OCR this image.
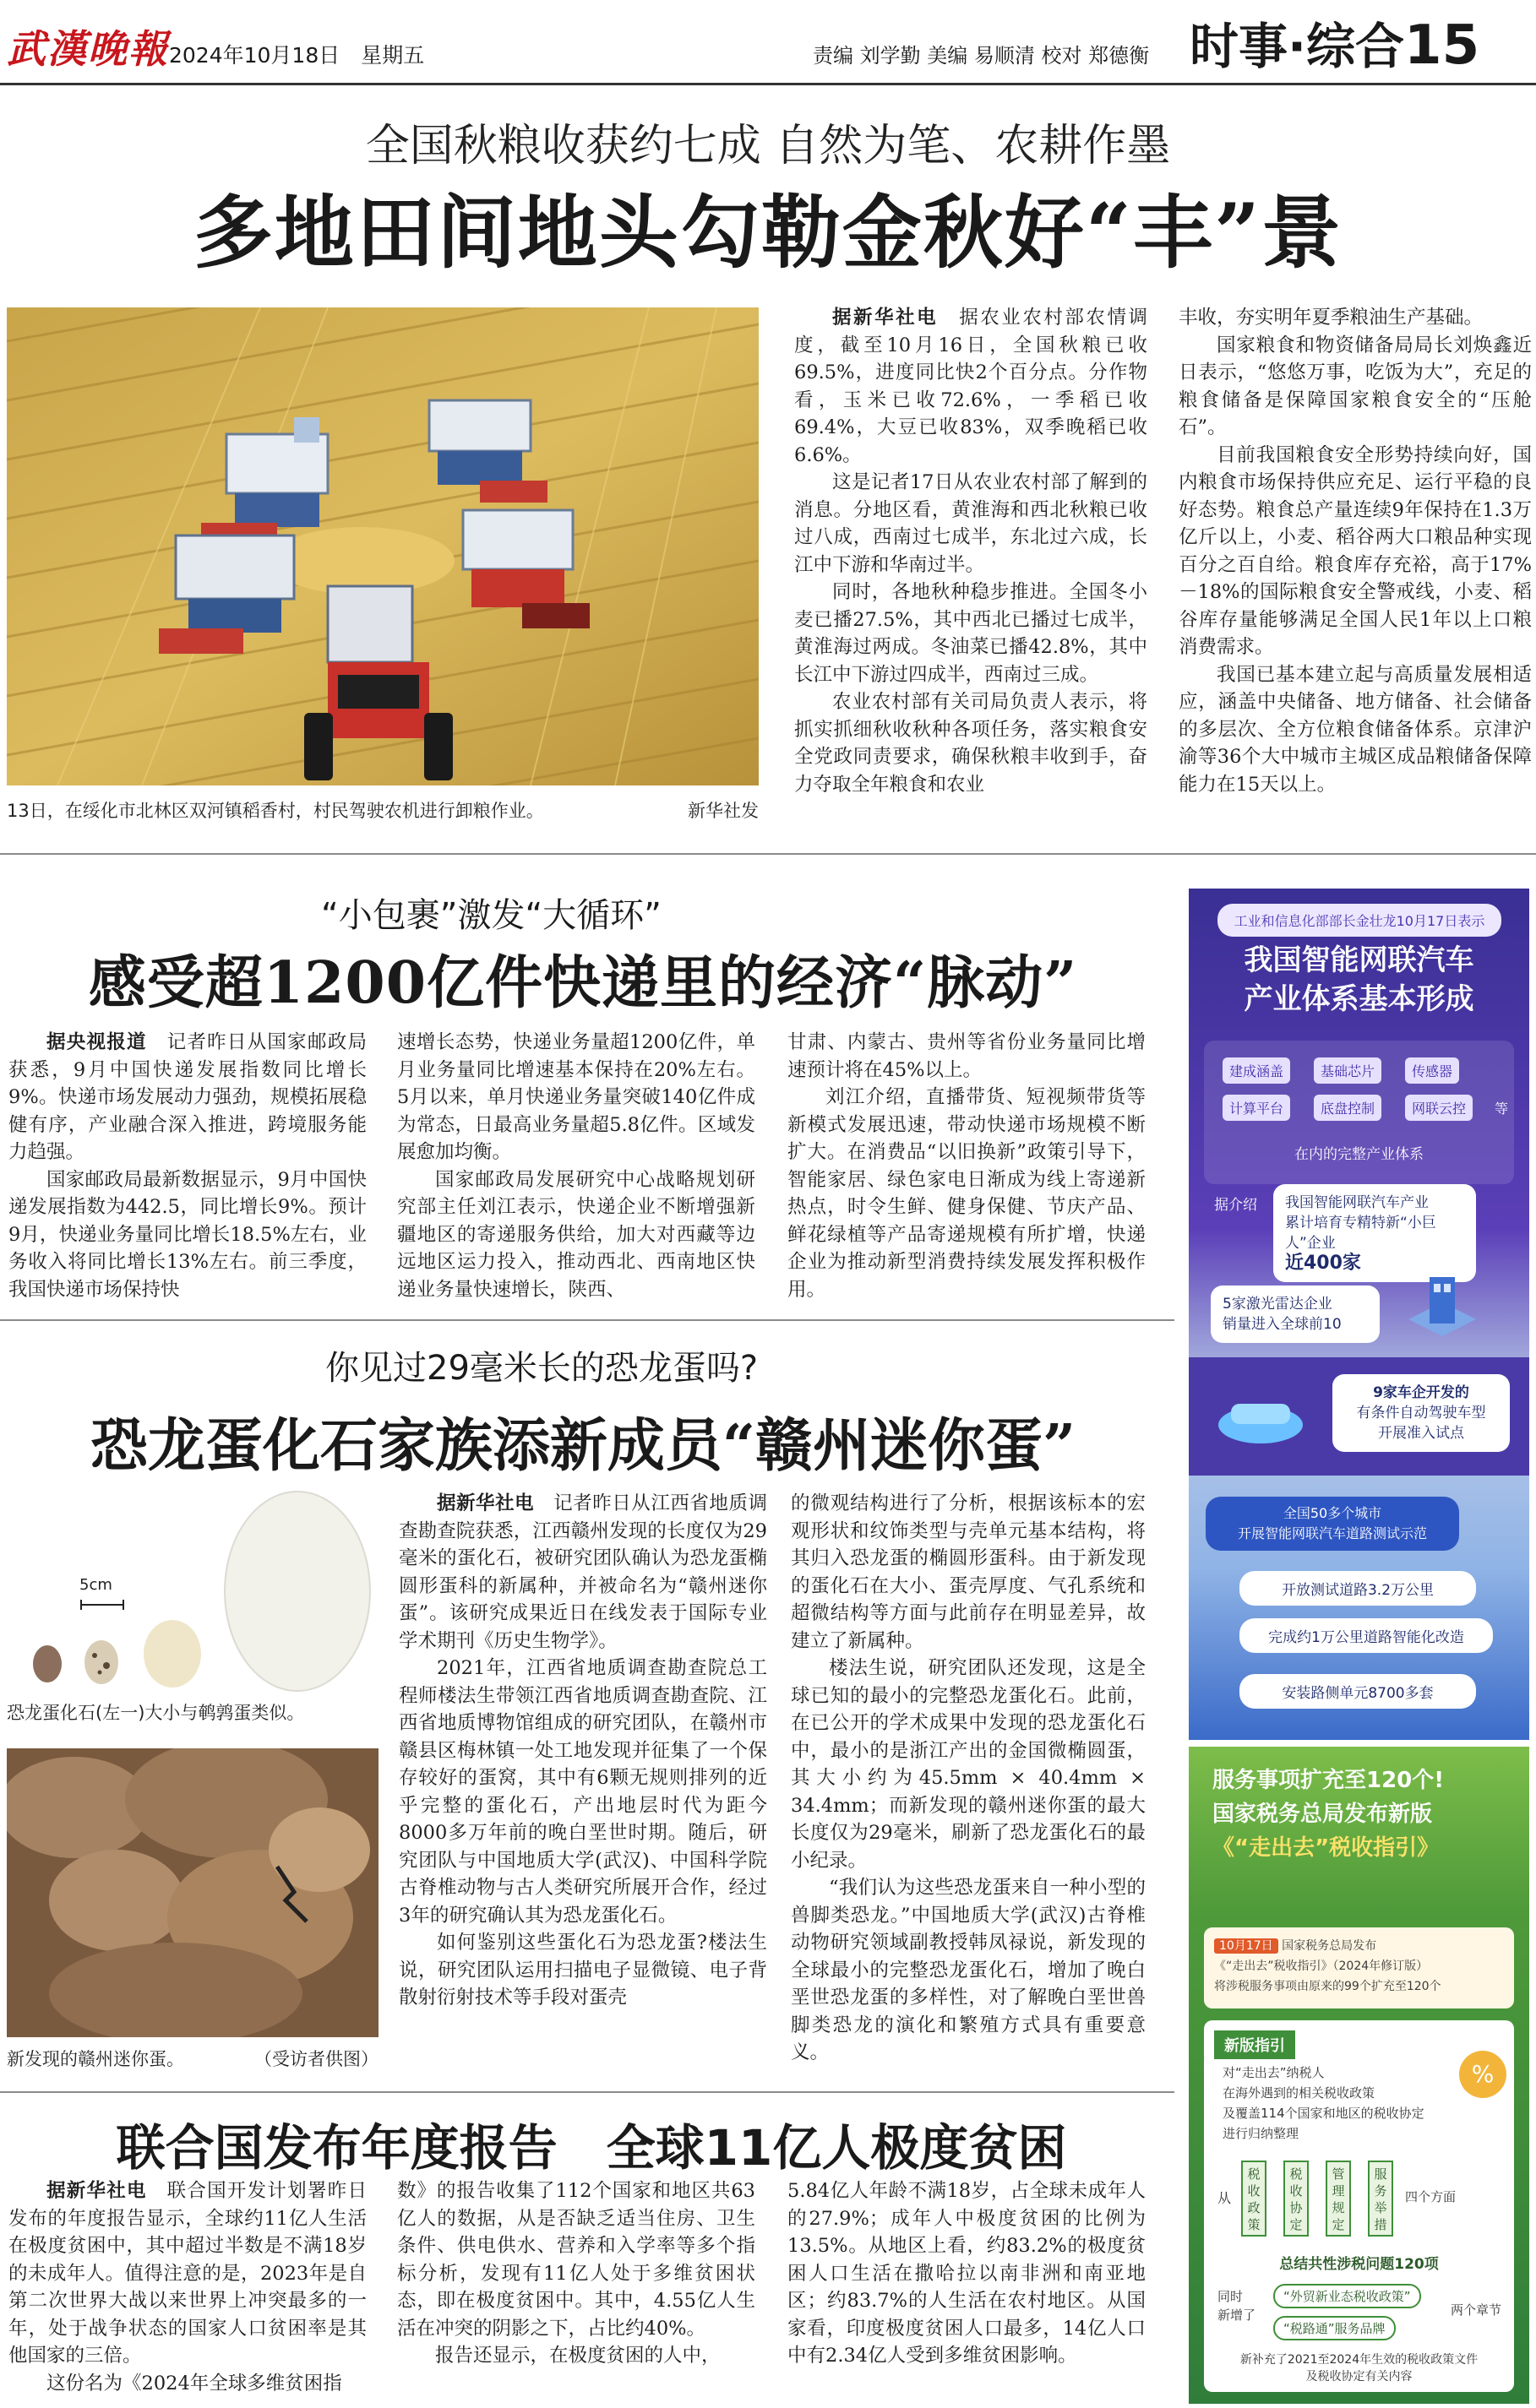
武漢晚報 2024年10月18日　星期五	责编 刘学勤 美编 易顺清 校对 郑德衡 时事·综合15
全国秋粮收获约七成 自然为笔、农耕作墨
多地田间地头勾勒金秋好“丰”景
13日，在绥化市北林区双河镇稻香村，村民驾驶农机进行卸粮作业。	新华社发

据新华社电　 据农业农村部农情调度，截至10月16日，全国秋粮已收69.5%，进度同比快2个百分点。分作物看，玉米已收72.6%，一季稻已收69.4%，大豆已收83%，双季晚稻已收6.6%。

这是记者17日从农业农村部了解到的消息。分地区看，黄淮海和西北秋粮已收过八成，西南过七成半，东北过六成，长江中下游和华南过半。

同时，各地秋种稳步推进。全国冬小麦已播27.5%，其中西北已播过七成半，黄淮海过两成。冬油菜已播42.8%，其中长江中下游过四成半，西南过三成。

农业农村部有关司局负责人表示，将抓实抓细秋收秋种各项任务，落实粮食安全党政同责要求，确保秋粮丰收到手，奋力夺取全年粮食和农业

丰收，夯实明年夏季粮油生产基础。

国家粮食和物资储备局局长刘焕鑫近日表示，“悠悠万事，吃饭为大”，充足的粮食储备是保障国家粮食安全的“压舱石”。

目前我国粮食安全形势持续向好，国内粮食市场保持供应充足、运行平稳的良好态势。粮食总产量连续9年保持在1.3万亿斤以上，小麦、稻谷两大口粮品种实现百分之百自给。粮食库存充裕，高于17%－18%的国际粮食安全警戒线，小麦、稻谷库存量能够满足全国人民1年以上口粮消费需求。

我国已基本建立起与高质量发展相适应，涵盖中央储备、地方储备、社会储备的多层次、全方位粮食储备体系。京津沪渝等36个大中城市主城区成品粮储备保障能力在15天以上。

“小包裹”激发“大循环”
感受超1200亿件快递里的经济“脉动”

据央视报道　 记者昨日从国家邮政局获悉，9月中国快递发展指数同比增长9%。快递市场发展动力强劲，规模拓展稳健有序，产业融合深入推进，跨境服务能力趋强。

国家邮政局最新数据显示，9月中国快递发展指数为442.5，同比增长9%。预计9月，快递业务量同比增长18.5%左右，业务收入将同比增长13%左右。前三季度，我国快递市场保持快

速增长态势，快递业务量超1200亿件，单月业务量同比增速基本保持在20%左右。5月以来，单月快递业务量突破140亿件成为常态，日最高业务量超5.8亿件。区域发展愈加均衡。

国家邮政局发展研究中心战略规划研究部主任刘江表示，快递企业不断增强新疆地区的寄递服务供给，加大对西藏等边远地区运力投入，推动西北、西南地区快递业务量快速增长，陕西、

甘肃、内蒙古、贵州等省份业务量同比增速预计将在45%以上。

刘江介绍，直播带货、短视频带货等新模式发展迅速，带动快递市场规模不断扩大。在消费品“以旧换新”政策引导下，智能家居、绿色家电日渐成为线上寄递新热点，时令生鲜、健身保健、节庆产品、鲜花绿植等产品寄递规模有所扩增，快递企业为推动新型消费持续发展发挥积极作用。

你见过29毫米长的恐龙蛋吗?
恐龙蛋化石家族添新成员“赣州迷你蛋”
5cm
恐龙蛋化石(左一)大小与鹌鹑蛋类似。
新发现的赣州迷你蛋。	（受访者供图）

据新华社电　 记者昨日从江西省地质调查勘查院获悉，江西赣州发现的长度仅为29毫米的蛋化石，被研究团队确认为恐龙蛋椭圆形蛋科的新属种，并被命名为“赣州迷你蛋”。该研究成果近日在线发表于国际专业学术期刊《历史生物学》。

2021年，江西省地质调查勘查院总工程师楼法生带领江西省地质调查勘查院、江西省地质博物馆组成的研究团队，在赣州市赣县区梅林镇一处工地发现并征集了一个保存较好的蛋窝，其中有6颗无规则排列的近乎完整的蛋化石，产出地层时代为距今8000多万年前的晚白垩世时期。随后，研究团队与中国地质大学(武汉)、中国科学院古脊椎动物与古人类研究所展开合作，经过3年的研究确认其为恐龙蛋化石。

如何鉴别这些蛋化石为恐龙蛋?楼法生说，研究团队运用扫描电子显微镜、电子背散射衍射技术等手段对蛋壳

的微观结构进行了分析，根据该标本的宏观形状和纹饰类型与壳单元基本结构，将其归入恐龙蛋的椭圆形蛋科。由于新发现的蛋化石在大小、蛋壳厚度、气孔系统和超微结构等方面与此前存在明显差异，故建立了新属种。

楼法生说，研究团队还发现，这是全球已知的最小的完整恐龙蛋化石。此前，在已公开的学术成果中发现的恐龙蛋化石中，最小的是浙江产出的金国微椭圆蛋，其大小约为45.5mm × 40.4mm × 34.4mm；而新发现的赣州迷你蛋的最大长度仅为29毫米，刷新了恐龙蛋化石的最小纪录。

“我们认为这些恐龙蛋来自一种小型的兽脚类恐龙。”中国地质大学(武汉)古脊椎动物研究领域副教授韩凤禄说，新发现的全球最小的完整恐龙蛋化石，增加了晚白垩世恐龙蛋的多样性，对了解晚白垩世兽脚类恐龙的演化和繁殖方式具有重要意义。

联合国发布年度报告　全球11亿人极度贫困

据新华社电　 联合国开发计划署昨日发布的年度报告显示，全球约11亿人生活在极度贫困中，其中超过半数是不满18岁的未成年人。值得注意的是，2023年是自第二次世界大战以来世界上冲突最多的一年，处于战争状态的国家人口贫困率是其他国家的三倍。

这份名为《2024年全球多维贫困指

数》的报告收集了112个国家和地区共63亿人的数据，从是否缺乏适当住房、卫生条件、供电供水、营养和入学率等多个指标分析，发现有11亿人处于多维贫困状态，即在极度贫困中。其中，4.55亿人生活在冲突的阴影之下，占比约40%。

报告还显示，在极度贫困的人中，

5.84亿人年龄不满18岁，占全球未成年人的27.9%；成年人中极度贫困的比例为13.5%。从地区上看，约83.2%的极度贫困人口生活在撒哈拉以南非洲和南亚地区；约83.7%的人生活在农村地区。从国家看，印度极度贫困人口最多，14亿人口中有2.34亿人受到多维贫困影响。

工业和信息化部部长金壮龙10月17日表示
我国智能网联汽车
产业体系基本形成
建成涵盖	基础芯片	传感器
计算平台	底盘控制	网联云控	等
在内的完整产业体系
据介绍 我国智能网联汽车产业
累计培育专精特新“小巨人”企业
近400家
5家激光雷达企业
销量进入全球前10
9家车企开发的
有条件自动驾驶车型
开展准入试点
全国50多个城市
开展智能网联汽车道路测试示范
开放测试道路3.2万公里
完成约1万公里道路智能化改造
安装路侧单元8700多套
服务事项扩充至120个!
国家税务总局发布新版
《“走出去”税收指引》
10月17日 国家税务总局发布
《“走出去”税收指引》（2024年修订版）
将涉税服务事项由原来的99个扩充至120个
新版指引
对“走出去”纳税人
在海外遇到的相关税收政策
及覆盖114个国家和地区的税收协定
进行归纳整理
%
从
税收政策
税收协定
管理规定
服务举措
四个方面
总结共性涉税问题120项
同时
新增了
“外贸新业态税收政策”
“税路通”服务品牌
两个章节
新补充了2021至2024年生效的税收政策文件
及税收协定有关内容
